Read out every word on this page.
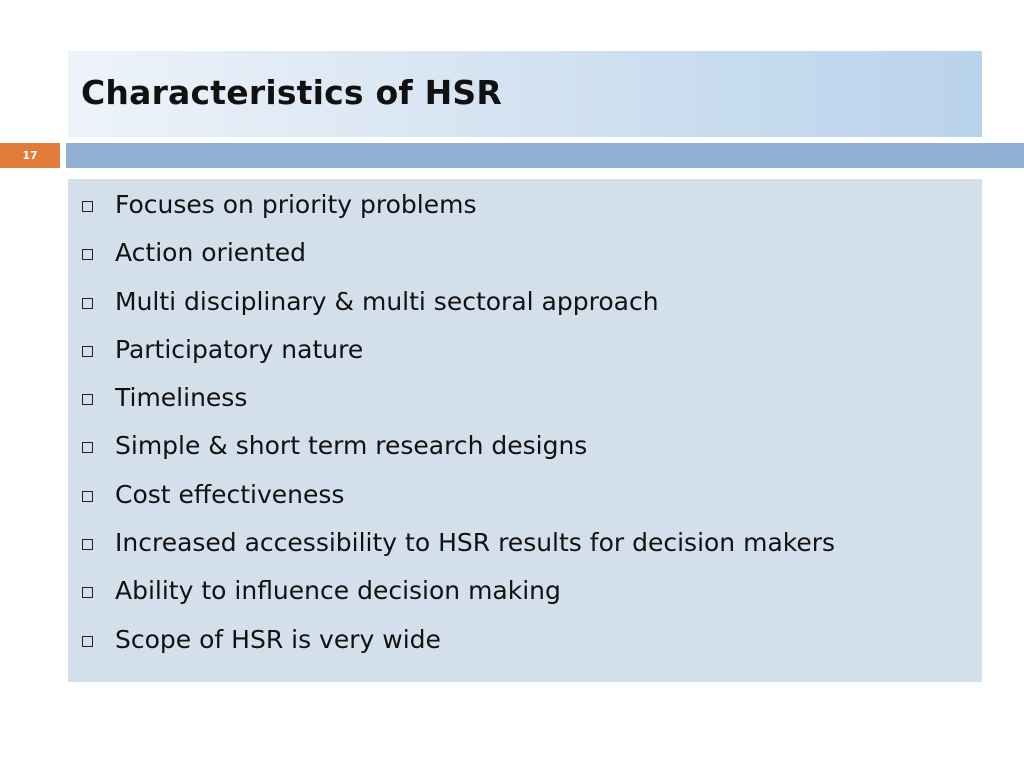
Characteristics of HSR
17
Focuses on priority problems
Action oriented
Multi disciplinary & multi sectoral approach
Participatory nature
Timeliness
Simple & short term research designs
Cost effectiveness
Increased accessibility to HSR results for decision makers
Ability to influence decision making
Scope of HSR is very wide
